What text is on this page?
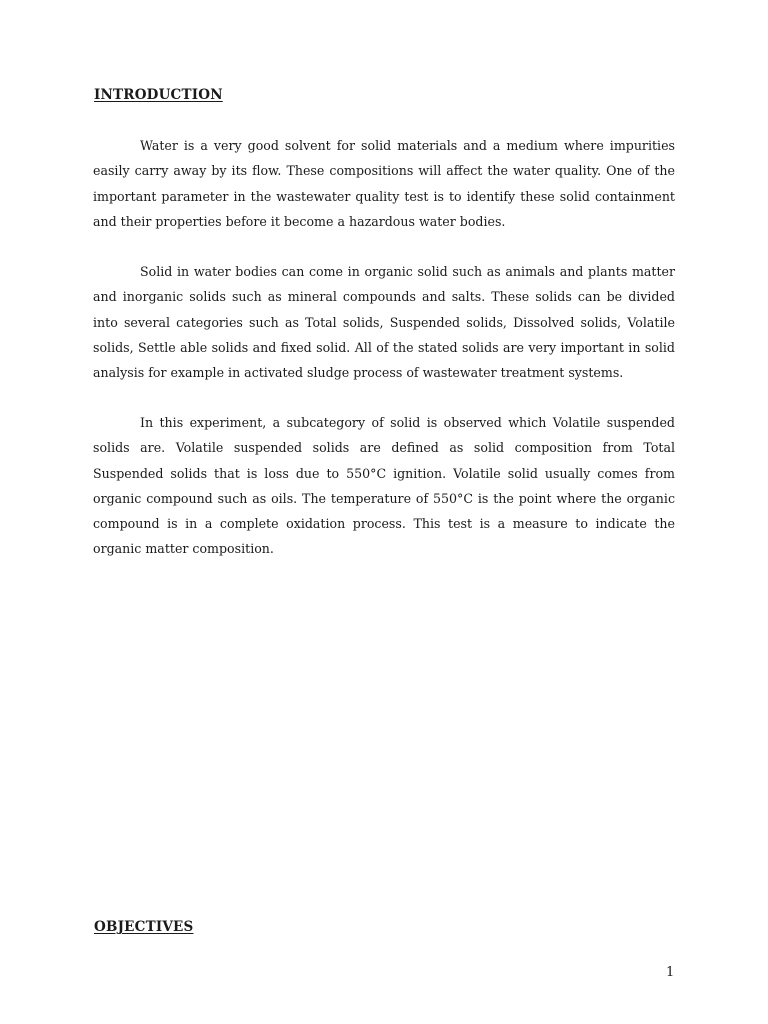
INTRODUCTION

Water is a very good solvent for solid materials and a medium where impurities easily carry away by its flow. These compositions will affect the water quality. One of the important parameter in the wastewater quality test is to identify these solid containment and their properties before it become a hazardous water bodies.

Solid in water bodies can come in organic solid such as animals and plants matter and inorganic solids such as mineral compounds and salts. These solids can be divided into several categories such as Total solids, Suspended solids, Dissolved solids, Volatile solids, Settle able solids and fixed solid. All of the stated solids are very important in solid analysis for example in activated sludge process of wastewater treatment systems.

In this experiment, a subcategory of solid is observed which Volatile suspended solids are. Volatile suspended solids are defined as solid composition from Total Suspended solids that is loss due to 550°C ignition. Volatile solid usually comes from organic compound such as oils. The temperature of 550°C is the point where the organic compound is in a complete oxidation process. This test is a measure to indicate the organic matter composition.

OBJECTIVES
1
